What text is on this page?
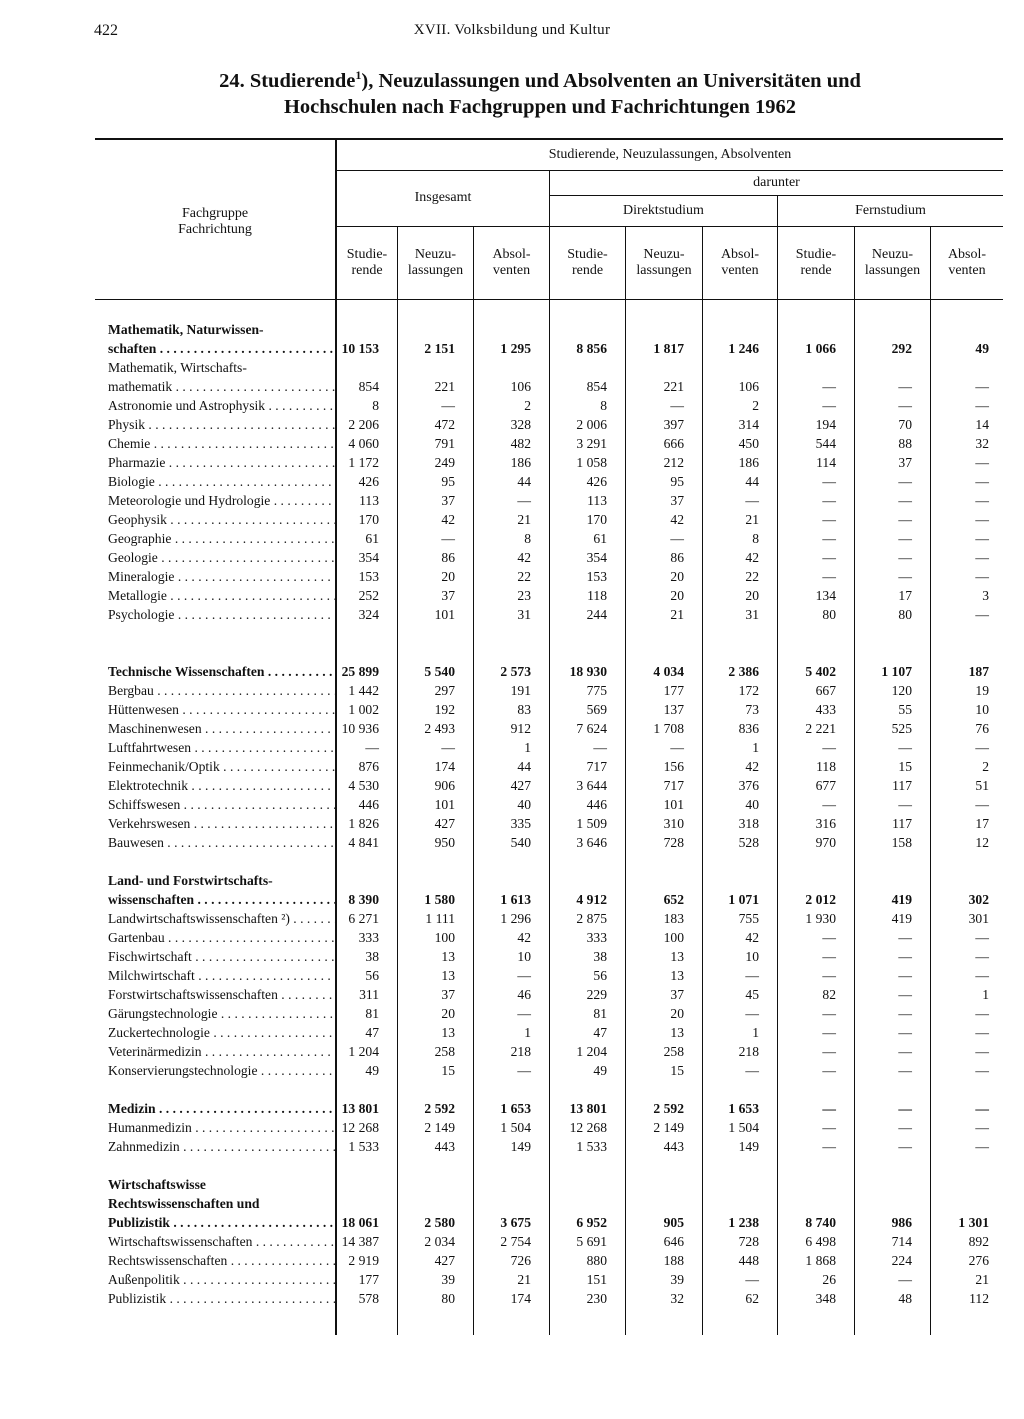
422	XVII. Volksbildung und Kultur
24. Studierende$^1$), Neuzulassungen und Absolventen an Universitäten und
Hochschulen nach Fachgruppen und Fachrichtungen 1962
Fachgruppe
Fachrichtung
Studierende, Neuzulassungen, Absolventen
darunter
Insgesamt
Direktstudium	Fernstudium
Studie-
rende
Neuzu-
lassungen
Absol-
venten
Studie-
rende
Neuzu-
lassungen
Absol-
venten
Studie-
rende
Neuzu-
lassungen
Absol-
venten

Mathematik, Naturwissen-									

schaften . . .	10 153	2 151	1 295	8 856	1 817	1 246	1 066	292	49

Mathematik, Wirtschafts-									

mathematik . . .	854	221	106	854	221	106	—	—	—

Astronomie und Astrophysik . . .	8	—	2	8	—	2	—	—	—

Physik . . .	2 206	472	328	2 006	397	314	194	70	14

Chemie . . .	4 060	791	482	3 291	666	450	544	88	32

Pharmazie . . .	1 172	249	186	1 058	212	186	114	37	—

Biologie . . .	426	95	44	426	95	44	—	—	—

Meteorologie und Hydrologie . . .	113	37	—	113	37	—	—	—	—

Geophysik . . .	170	42	21	170	42	21	—	—	—

Geographie . . .	61	—	8	61	—	8	—	—	—

Geologie . . .	354	86	42	354	86	42	—	—	—

Mineralogie . . .	153	20	22	153	20	22	—	—	—

Metallogie . . .	252	37	23	118	20	20	134	17	3

Psychologie . . .	324	101	31	244	21	31	80	80	—

Technische Wissenschaften . . .	25 899	5 540	2 573	18 930	4 034	2 386	5 402	1 107	187

Bergbau . . .	1 442	297	191	775	177	172	667	120	19

Hüttenwesen . . .	1 002	192	83	569	137	73	433	55	10

Maschinenwesen . . .	10 936	2 493	912	7 624	1 708	836	2 221	525	76

Luftfahrtwesen . . .	—	—	1	—	—	1	—	—	—

Feinmechanik/Optik . . .	876	174	44	717	156	42	118	15	2

Elektrotechnik . . .	4 530	906	427	3 644	717	376	677	117	51

Schiffswesen . . .	446	101	40	446	101	40	—	—	—

Verkehrswesen . . .	1 826	427	335	1 509	310	318	316	117	17

Bauwesen . . .	4 841	950	540	3 646	728	528	970	158	12

Land- und Forstwirtschafts-									

wissenschaften . . .	8 390	1 580	1 613	4 912	652	1 071	2 012	419	302

Landwirtschaftswissenschaften ²) . . .	6 271	1 111	1 296	2 875	183	755	1 930	419	301

Gartenbau . . .	333	100	42	333	100	42	—	—	—

Fischwirtschaft . . .	38	13	10	38	13	10	—	—	—

Milchwirtschaft . . .	56	13	—	56	13	—	—	—	—

Forstwirtschaftswissenschaften . . .	311	37	46	229	37	45	82	—	1

Gärungstechnologie . . .	81	20	—	81	20	—	—	—	—

Zuckertechnologie . . .	47	13	1	47	13	1	—	—	—

Veterinärmedizin . . .	1 204	258	218	1 204	258	218	—	—	—

Konservierungstechnologie . . .	49	15	—	49	15	—	—	—	—

Medizin . . .	13 801	2 592	1 653	13 801	2 592	1 653	—	—	—

Humanmedizin . . .	12 268	2 149	1 504	12 268	2 149	1 504	—	—	—

Zahnmedizin . . .	1 533	443	149	1 533	443	149	—	—	—

Wirtschaftswisse									

Rechtswissenschaften und									

Publizistik . . .	18 061	2 580	3 675	6 952	905	1 238	8 740	986	1 301

Wirtschaftswissenschaften . . .	14 387	2 034	2 754	5 691	646	728	6 498	714	892

Rechtswissenschaften . . .	2 919	427	726	880	188	448	1 868	224	276

Außenpolitik . . .	177	39	21	151	39	—	26	—	21

Publizistik . . .	578	80	174	230	32	62	348	48	112
